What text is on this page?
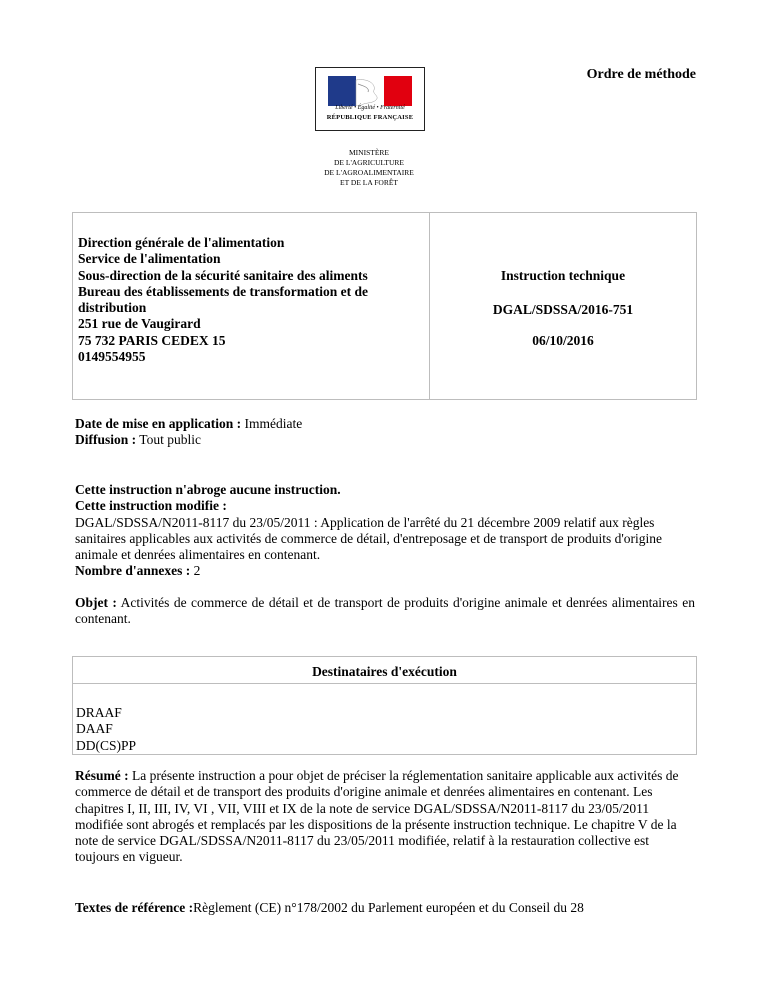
Ordre de méthode
Liberté • Égalité • Fraternité
RÉPUBLIQUE FRANÇAISE
MINISTÈRE
DE L'AGRICULTURE
DE L'AGROALIMENTAIRE
ET DE LA FORÊT
Direction générale de l'alimentation
Service de l'alimentation
Sous-direction de la sécurité sanitaire des aliments
Bureau des établissements de transformation et de
distribution
251 rue de Vaugirard
75 732 PARIS CEDEX 15
0149554955
Instruction technique
DGAL/SDSSA/2016-751
06/10/2016
Date de mise en application : Immédiate
Diffusion : Tout public
Cette instruction n'abroge aucune instruction.
Cette instruction modifie :
DGAL/SDSSA/N2011-8117 du 23/05/2011 : Application de l'arrêté du 21 décembre 2009 relatif aux règles sanitaires applicables aux activités de commerce de détail, d'entreposage et de transport de produits d'origine animale et denrées alimentaires en contenant.
Nombre d'annexes : 2
Objet : Activités de commerce de détail et de transport de produits d'origine animale et denrées alimentaires en contenant.
Destinataires d'exécution
DRAAF
DAAF
DD(CS)PP
Résumé : La présente instruction a pour objet de préciser la réglementation sanitaire applicable aux activités de commerce de détail et de transport des produits d'origine animale et denrées alimentaires en contenant. Les chapitres I, II, III, IV, VI , VII, VIII et IX de la note de service DGAL/SDSSA/N2011-8117 du 23/05/2011 modifiée sont abrogés et remplacés par les dispositions de la présente instruction technique. Le chapitre V de la note de service DGAL/SDSSA/N2011-8117 du 23/05/2011 modifiée, relatif à la restauration collective est toujours en vigueur.
Textes de référence :Règlement (CE) n°178/2002 du Parlement européen et du Conseil du 28
